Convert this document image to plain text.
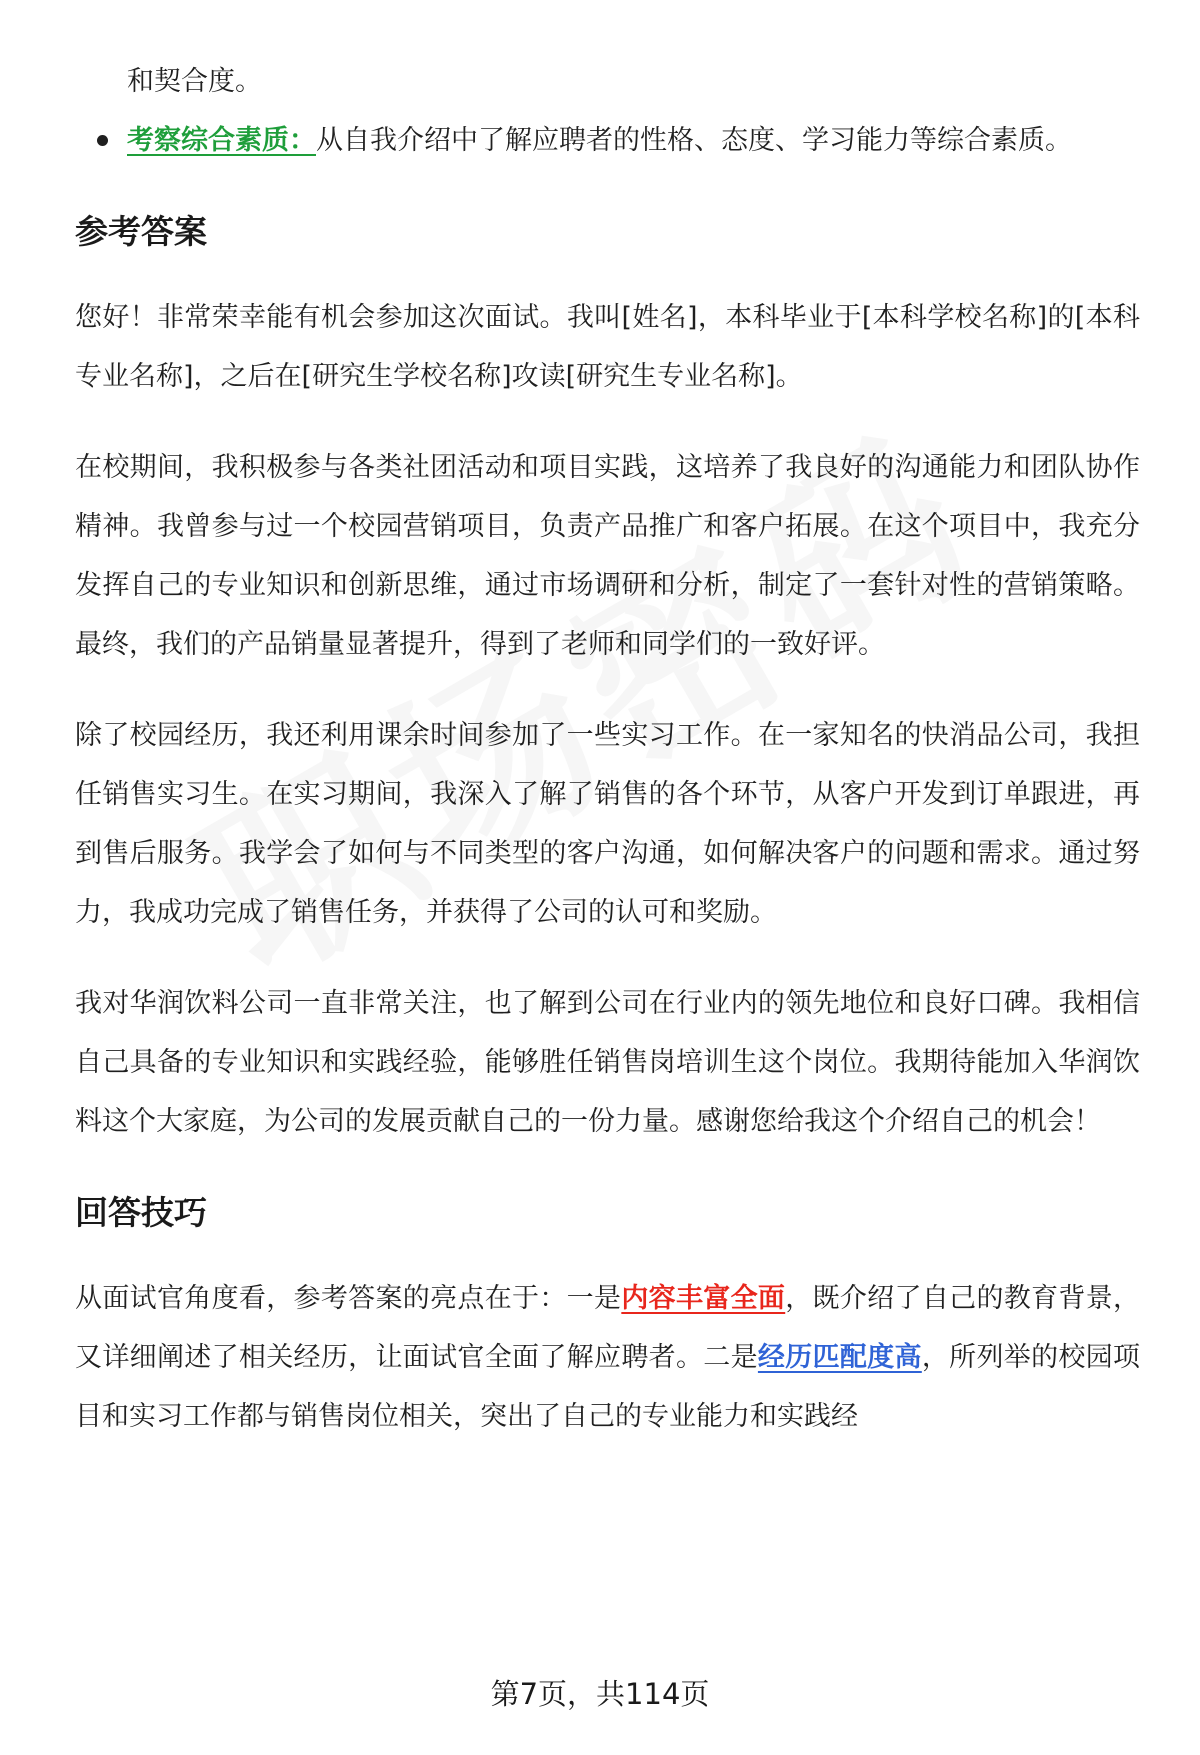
和契合度。
考察综合素质：从自我介绍中了解应聘者的性格、态度、学习能力等综合素质。
参考答案

您好！非常荣幸能有机会参加这次面试。我叫[姓名]，本科毕业于[本科学校名称]的[本科专业名称]，之后在[研究生学校名称]攻读[研究生专业名称]。

在校期间，我积极参与各类社团活动和项目实践，这培养了我良好的沟通能力和团队协作精神。我曾参与过一个校园营销项目，负责产品推广和客户拓展。在这个项目中，我充分发挥自己的专业知识和创新思维，通过市场调研和分析，制定了一套针对性的营销策略。最终，我们的产品销量显著提升，得到了老师和同学们的一致好评。

除了校园经历，我还利用课余时间参加了一些实习工作。在一家知名的快消品公司，我担任销售实习生。在实习期间，我深入了解了销售的各个环节，从客户开发到订单跟进，再到售后服务。我学会了如何与不同类型的客户沟通，如何解决客户的问题和需求。通过努力，我成功完成了销售任务，并获得了公司的认可和奖励。

我对华润饮料公司一直非常关注，也了解到公司在行业内的领先地位和良好口碑。我相信自己具备的专业知识和实践经验，能够胜任销售岗培训生这个岗位。我期待能加入华润饮料这个大家庭，为公司的发展贡献自己的一份力量。感谢您给我这个介绍自己的机会！

回答技巧

从面试官角度看，参考答案的亮点在于：一是内容丰富全面，既介绍了自己的教育背景，又详细阐述了相关经历，让面试官全面了解应聘者。二是经历匹配度高，所列举的校园项目和实习工作都与销售岗位相关，突出了自己的专业能力和实践经

第7页，共114页
